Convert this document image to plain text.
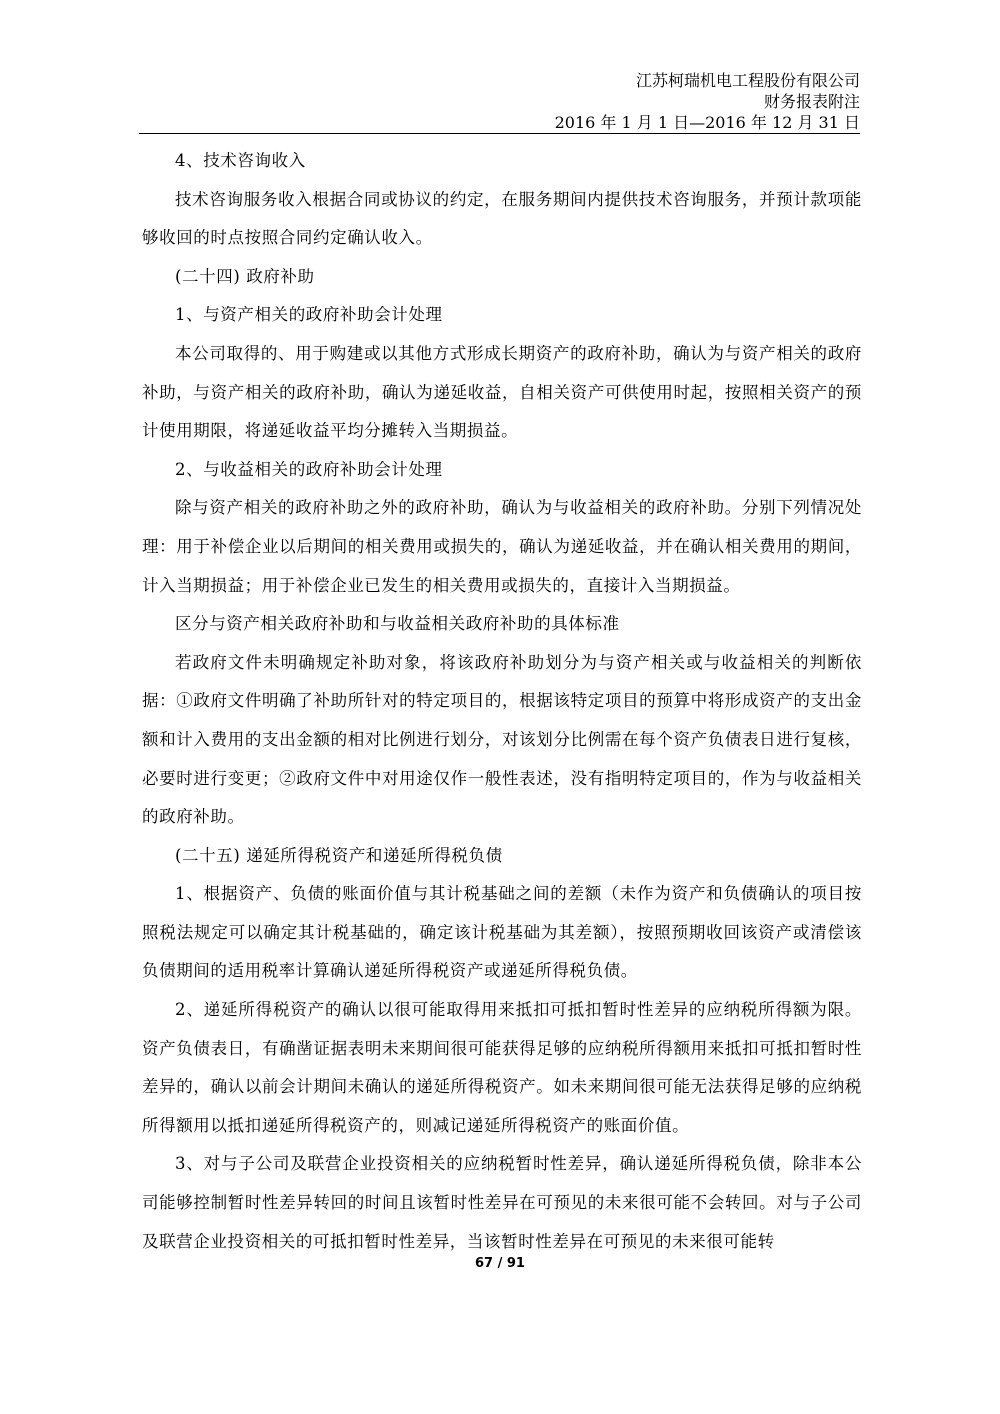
江苏柯瑞机电工程股份有限公司
财务报表附注
2016 年 1 月 1 日—2016 年 12 月 31 日

4、技术咨询收入

技术咨询服务收入根据合同或协议的约定，在服务期间内提供技术咨询服务，并预计款项能够收回的时点按照合同约定确认收入。

(二十四) 政府补助

1、与资产相关的政府补助会计处理

本公司取得的、用于购建或以其他方式形成长期资产的政府补助，确认为与资产相关的政府补助，与资产相关的政府补助，确认为递延收益，自相关资产可供使用时起，按照相关资产的预计使用期限，将递延收益平均分摊转入当期损益。

2、与收益相关的政府补助会计处理

除与资产相关的政府补助之外的政府补助，确认为与收益相关的政府补助。分别下列情况处理：用于补偿企业以后期间的相关费用或损失的，确认为递延收益，并在确认相关费用的期间，计入当期损益；用于补偿企业已发生的相关费用或损失的，直接计入当期损益。

区分与资产相关政府补助和与收益相关政府补助的具体标准

若政府文件未明确规定补助对象，将该政府补助划分为与资产相关或与收益相关的判断依据：①政府文件明确了补助所针对的特定项目的，根据该特定项目的预算中将形成资产的支出金额和计入费用的支出金额的相对比例进行划分，对该划分比例需在每个资产负债表日进行复核，必要时进行变更；②政府文件中对用途仅作一般性表述，没有指明特定项目的，作为与收益相关的政府补助。

(二十五) 递延所得税资产和递延所得税负债

1、根据资产、负债的账面价值与其计税基础之间的差额（未作为资产和负债确认的项目按照税法规定可以确定其计税基础的，确定该计税基础为其差额），按照预期收回该资产或清偿该负债期间的适用税率计算确认递延所得税资产或递延所得税负债。

2、递延所得税资产的确认以很可能取得用来抵扣可抵扣暂时性差异的应纳税所得额为限。资产负债表日，有确凿证据表明未来期间很可能获得足够的应纳税所得额用来抵扣可抵扣暂时性差异的，确认以前会计期间未确认的递延所得税资产。如未来期间很可能无法获得足够的应纳税所得额用以抵扣递延所得税资产的，则减记递延所得税资产的账面价值。

3、对与子公司及联营企业投资相关的应纳税暂时性差异，确认递延所得税负债，除非本公司能够控制暂时性差异转回的时间且该暂时性差异在可预见的未来很可能不会转回。对与子公司及联营企业投资相关的可抵扣暂时性差异，当该暂时性差异在可预见的未来很可能转

67 / 91
